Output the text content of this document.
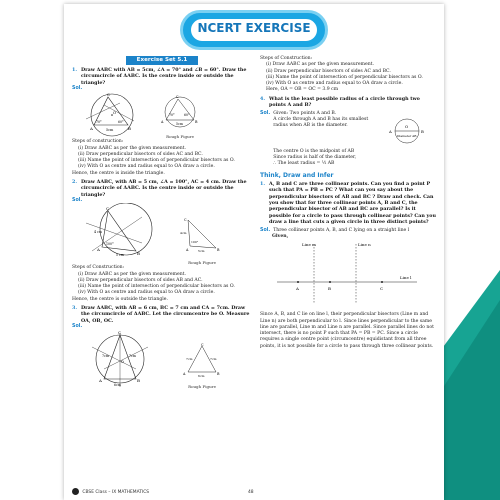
NCERT EXERCISE
Exercise Set 5.1
1. Draw ΔABC with AB = 5cm, ∠A = 70° and ∠B = 60°. Draw the circumcircle of ΔABC. Is the centre inside or outside the triangle?
Sol.
A	B
C
O
70°	60°
5cm
70°	60°
5cm
A	B
C
Rough Figure
Steps of construction:
(i) Draw ΔABC as per the given measurement.
(ii) Draw perpendicular bisectors of sides AC and BC.
(iii) Name the point of intersection of perpendicular bisectors as O.
(iv) With O as centre and radius equal to OA draw a circle.
Hence, the centre is inside the triangle.
2. Draw ΔABC, with AB = 5 cm, ∠A = 100°, AC = 4 cm. Draw the circumcircle of ΔABC. Is the centre inside or outside the triangle?
Sol.
C
A
B
100°
4 cm
5 cm
C
100°
4cm
A	5cm	B
Rough Figure
Steps of Construction:
(i) Draw ΔABC as per the given measurement.
(ii) Draw perpendicular bisectors of sides AB and AC.
(iii) Name the point of intersection of perpendicular bisectors as O.
(iv) With O as centre and radius equal to OA draw a circle.
Hence, the centre is outside the triangle.
3. Draw ΔABC, with AB = 6 cm, BC = 7 cm and CA = 7cm. Draw the circumcircle of ΔABC. Let the circumcentre be O. Measure OA, OB, OC.
Sol.
C
7cm	7cm
O
A	B
6cm
C
7cm	7cm
A	6cm	B
Rough Figure
Steps of Construction:
(i) Draw ΔABC as per the given measurement.
(ii) Draw perpendicular bisectors of sides AC and BC.
(iii) Name the point of intersection of perpendicular bisectors as O.
(iv) With O as centre and radius equal to OA draw a circle.
Here, OA = OB = OC = 3.9 cm
4. What is the least possible radius of a circle through two points A and B?
Sol. Given: Two points A and B.
A circle through A and B has its smallest radius when AB is the diameter.
A
O
B
Diameter AB
The centre O is the midpoint of AB
Since radius is half of the diameter,
∴ The least radius = ½ AB
Think, Draw and Infer
1. A, B and C are three collinear points. Can you find a point P such that PA = PB = PC ? What can you say about the perpendicular bisectors of AB and BC ? Draw and check. Can you show that for three collinear points A, B and C, the perpendicular bisector of AB and BC are parallel? Is it possible for a circle to pass through collinear points? Can you draw a line that cuts a given circle in three distinct points?
Sol. Three collinear points A, B, and C lying on a straight line l
Given,
Line m	Line n
Line l
A	B	C
Since A, B, and C lie on line l, their perpendicular bisectors (Line m and Line n) are both perpendicular to l. Since lines perpendicular to the same line are parallel, Line m and Line n are parallel. Since parallel lines do not intersect, there is no point P such that PA = PB = PC. Since a circle requires a single centre point (circumcentre) equidistant from all three points, it is not possible for a circle to pass through three collinear points.
CBSE Class – IX MATHEMATICS	48
